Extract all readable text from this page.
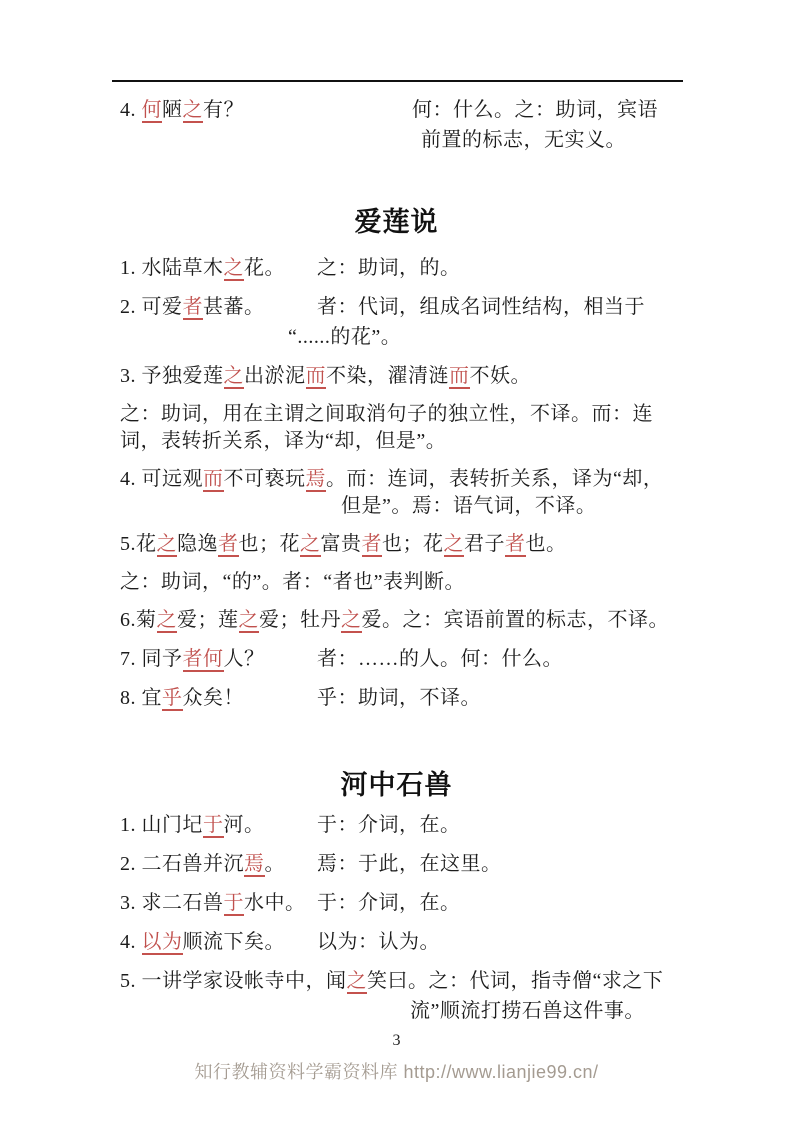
4. 何陋之有？	何：什么。之：助词，宾语
前置的标志，无实义。
爱莲说
1. 水陆草木之花。 之：助词，的。
2. 可爱者甚蕃。	者：代词，组成名词性结构，相当于
“......的花”。
3. 予独爱莲之出淤泥而不染，濯清涟而不妖。
之：助词，用在主谓之间取消句子的独立性，不译。而：连
词，表转折关系，译为“却，但是”。
4. 可远观而不可亵玩焉。而：连词，表转折关系，译为“却，
但是”。焉：语气词，不译。
5.花之隐逸者也；花之富贵者也；花之君子者也。
之：助词，“的”。者：“者也”表判断。
6.菊之爱；莲之爱；牡丹之爱。之：宾语前置的标志，不译。
7. 同予者何人？	者：……的人。何：什么。
8. 宜乎众矣！	乎：助词，不译。
河中石兽
1. 山门圮于河。	于：介词，在。
2. 二石兽并沉焉。 焉：于此，在这里。
3. 求二石兽于水中。 于：介词，在。
4. 以为顺流下矣。 以为：认为。
5. 一讲学家设帐寺中，闻之笑曰。之：代词，指寺僧“求之下
流”顺流打捞石兽这件事。
3
知行教辅资料学霸资料库 http://www.lianjie99.cn/
